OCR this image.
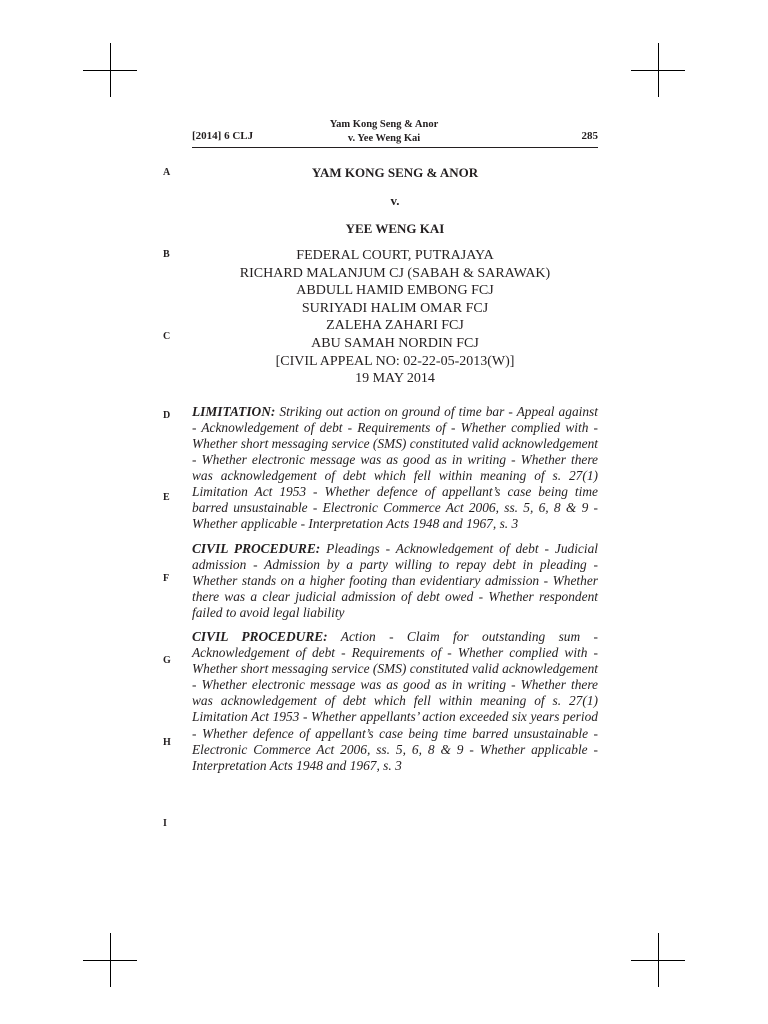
[2014] 6 CLJ
Yam Kong Seng & Anor
v. Yee Weng Kai	285
A
B
C
D
E
F
G
H
I

YAM KONG SENG & ANOR

v.

YEE WENG KAI

FEDERAL COURT, PUTRAJAYA
RICHARD MALANJUM CJ (SABAH & SARAWAK)
ABDULL HAMID EMBONG FCJ
SURIYADI HALIM OMAR FCJ
ZALEHA ZAHARI FCJ
ABU SAMAH NORDIN FCJ
[CIVIL APPEAL NO: 02-22-05-2013(W)]
19 MAY 2014

LIMITATION: Striking out action on ground of time bar - Appeal against - Acknowledgement of debt - Requirements of - Whether complied with - Whether short messaging service (SMS) constituted valid acknowledgement - Whether electronic message was as good as in writing - Whether there was acknowledgement of debt which fell within meaning of s. 27(1) Limitation Act 1953 - Whether defence of appellant’s case being time barred unsustainable - Electronic Commerce Act 2006, ss. 5, 6, 8 & 9 - Whether applicable - Interpretation Acts 1948 and 1967, s. 3

CIVIL PROCEDURE: Pleadings - Acknowledgement of debt - Judicial admission - Admission by a party willing to repay debt in pleading - Whether stands on a higher footing than evidentiary admission - Whether there was a clear judicial admission of debt owed - Whether respondent failed to avoid legal liability

CIVIL PROCEDURE: Action - Claim for outstanding sum - Acknowledgement of debt - Requirements of - Whether complied with - Whether short messaging service (SMS) constituted valid acknowledgement - Whether electronic message was as good as in writing - Whether there was acknowledgement of debt which fell within meaning of s. 27(1) Limitation Act 1953 - Whether appellants’ action exceeded six years period - Whether defence of appellant’s case being time barred unsustainable - Electronic Commerce Act 2006, ss. 5, 6, 8 & 9 - Whether applicable - Interpretation Acts 1948 and 1967, s. 3
